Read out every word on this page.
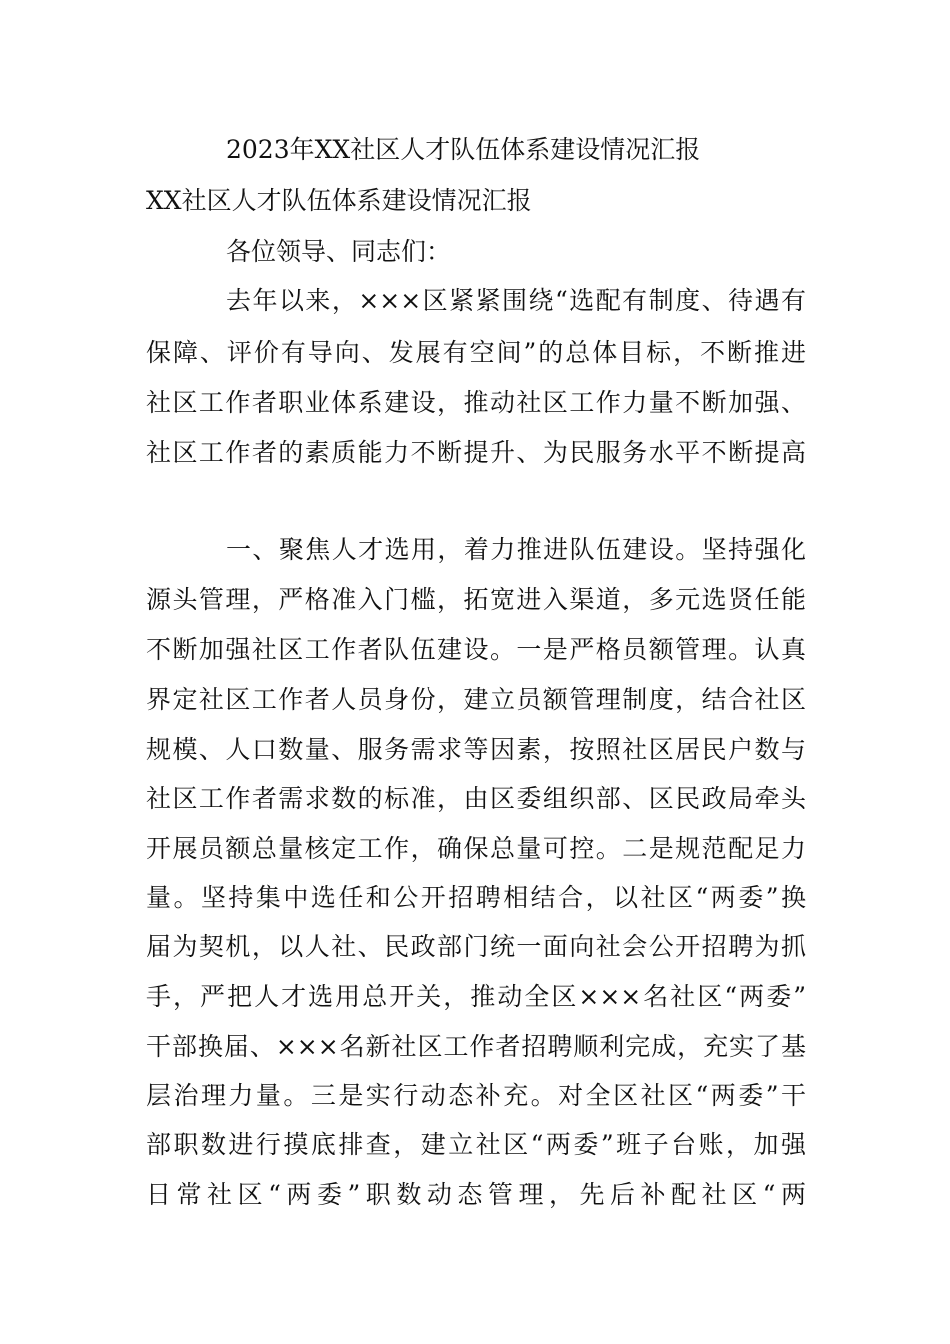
2023年XX社区人才队伍体系建设情况汇报
XX社区人才队伍体系建设情况汇报
各位领导、同志们：
去年以来，×××区紧紧围绕“选配有制度、待遇有
保障、评价有导向、发展有空间”的总体目标，不断推进
社区工作者职业体系建设，推动社区工作力量不断加强、
社区工作者的素质能力不断提升、为民服务水平不断提高
一、聚焦人才选用，着力推进队伍建设。坚持强化
源头管理，严格准入门槛，拓宽进入渠道，多元选贤任能
不断加强社区工作者队伍建设。一是严格员额管理。认真
界定社区工作者人员身份，建立员额管理制度，结合社区
规模、人口数量、服务需求等因素，按照社区居民户数与
社区工作者需求数的标准，由区委组织部、区民政局牵头
开展员额总量核定工作，确保总量可控。二是规范配足力
量。坚持集中选任和公开招聘相结合，以社区“两委”换
届为契机，以人社、民政部门统一面向社会公开招聘为抓
手，严把人才选用总开关，推动全区×××名社区“两委”
干部换届、×××名新社区工作者招聘顺利完成，充实了基
层治理力量。三是实行动态补充。对全区社区“两委”干
部职数进行摸底排查，建立社区“两委”班子台账，加强
日常社区“两委”职数动态管理，先后补配社区“两
